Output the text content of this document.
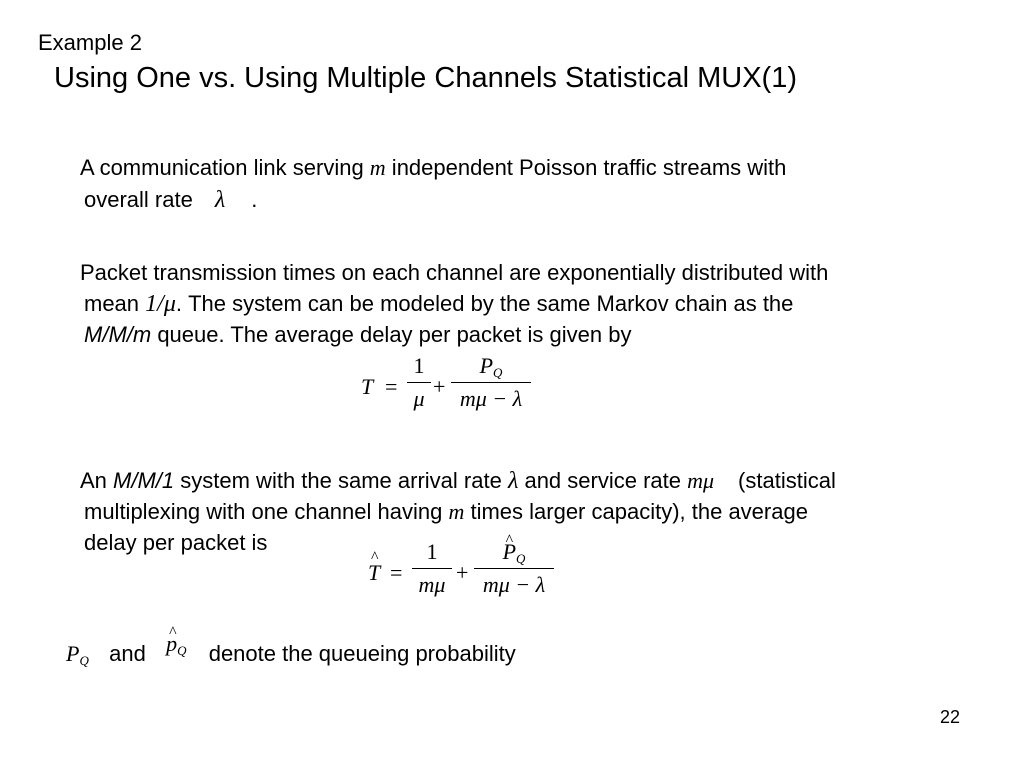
Example 2
Using One vs. Using Multiple Channels Statistical MUX(1)
A communication link serving m independent Poisson traffic streams with
overall rate λ .
Packet transmission times on each channel are exponentially distributed with
mean 1/μ. The system can be modeled by the same Markov chain as the
M/M/m queue. The average delay per packet is given by
T =
1
μ +
$P_Q$
mμ − λ
An M/M/1 system with the same arrival rate λ and service rate mμ (statistical
multiplexing with one channel having m times larger capacity), the average
delay per packet is
^ T =
1
mμ +
^ $P_Q$
mμ − λ
$P_Q$ and  ^ $p_Q$ denote the queueing probability
22
